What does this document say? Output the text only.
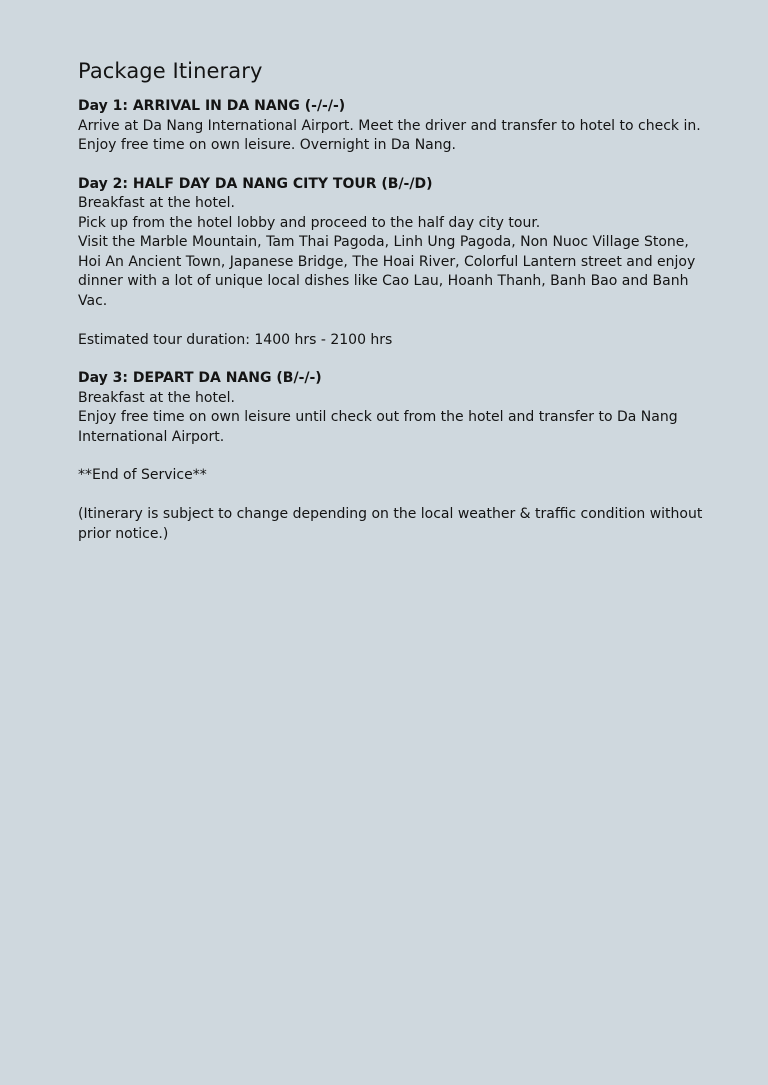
Package Itinerary

Day 1: ARRIVAL IN DA NANG (-/-/-)

Arrive at Da Nang International Airport. Meet the driver and transfer to hotel to check in.

Enjoy free time on own leisure. Overnight in Da Nang.

Day 2: HALF DAY DA NANG CITY TOUR (B/-/D)

Breakfast at the hotel.

Pick up from the hotel lobby and proceed to the half day city tour.

Visit the Marble Mountain, Tam Thai Pagoda, Linh Ung Pagoda, Non Nuoc Village Stone, Hoi An Ancient Town, Japanese Bridge, The Hoai River, Colorful Lantern street and enjoy dinner with a lot of unique local dishes like Cao Lau, Hoanh Thanh, Banh Bao and Banh Vac.

Estimated tour duration: 1400 hrs - 2100 hrs

Day 3: DEPART DA NANG (B/-/-)

Breakfast at the hotel.

Enjoy free time on own leisure until check out from the hotel and transfer to Da Nang International Airport.

**End of Service**

(Itinerary is subject to change depending on the local weather & traffic condition without prior notice.)
